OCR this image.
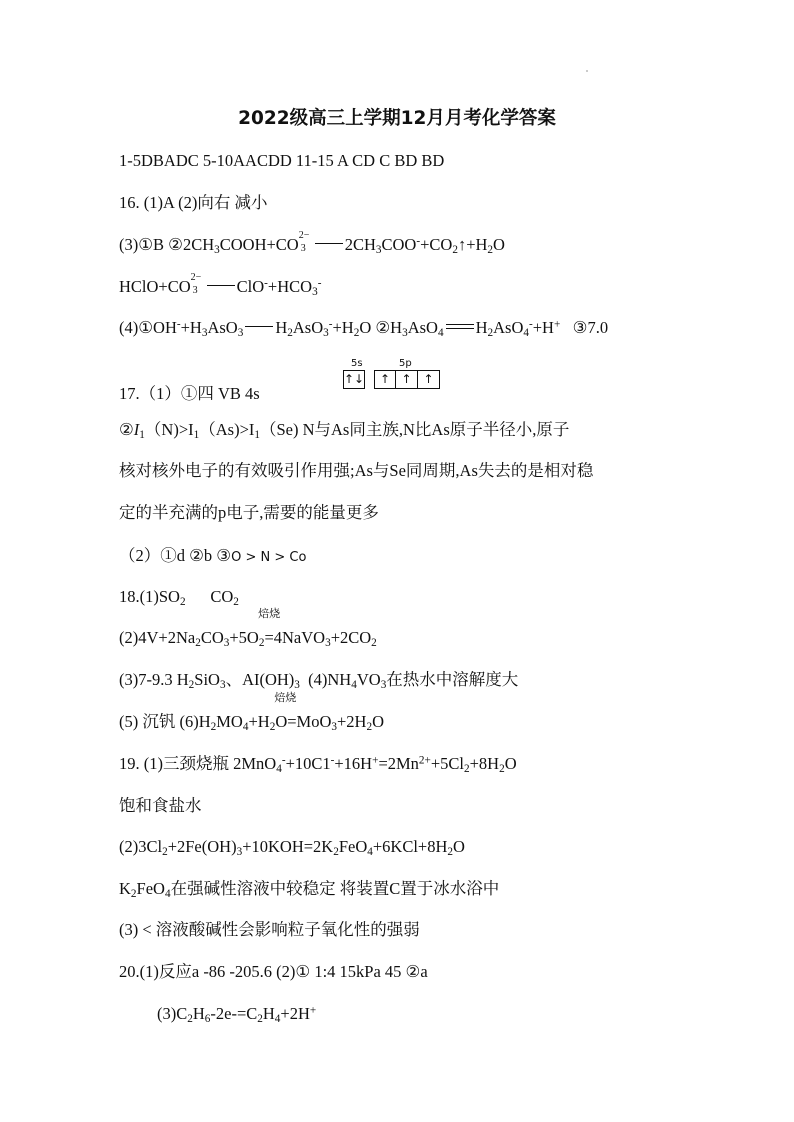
2022级高三上学期12月月考化学答案
1-5DBADC 5-10AACDD 11-15 A CD C BD BD
16. (1)A (2)向右 减小
(3)①B $②2CH_3COOH+CO$ 2−
3 $2CH_3COO^-+CO_2↑+H_2O$
HClO+CO 2−
3 $ClO^-+HCO_3^-$
$(4)①OH^-+H_3AsO_3$ $H_2AsO_3^-+H_2O$ $②H_3AsO_4$ $H_2AsO_4^-+H^+$ ③7.0
17.（1）①四 VB 4s
5s	5p
↑↓	↑ ↑ ↑
$②I_1(N)>I_1(As)>I_1(Se)$ N与As同主族,N比As原子半径小,原子
核对核外电子的有效吸引作用强;As与Se同周期,As失去的是相对稳
定的半充满的p电子,需要的能量更多
（2）①d ②b ③O > N > Co
$18.(1)SO_2$ $CO_2$
$(2)4V+2Na_2CO_3+5O_2=$
焙烧
$4NaVO_3+2CO_2$
(3)7-9.3 $H_2SiO_3$、$AI(OH)_3$ $(4)NH_4VO_3$在热水中溶解度大
(5) 沉钒 $(6)H_2MO_4+H_2O=MoO$
焙烧
$_3+2H_2O$
19. (1)三颈烧瓶 $2MnO_4^-+10C1^-+16H^+=2Mn^{2+}+5Cl_2+8H_2O$
饱和食盐水
$(2)3Cl_2+2Fe(OH)_3+10KOH=2K_2FeO_4+6KCl+8H_2O$
$K_2FeO_4$在强碱性溶液中较稳定 将装置C置于冰水浴中
(3) < 溶液酸碱性会影响粒子氧化性的强弱
20.(1)反应a -86 -205.6 (2)① 1:4 15kPa 45 ②a
$(3)C_2H_6-2e-=C_2H_4+2H^+$
